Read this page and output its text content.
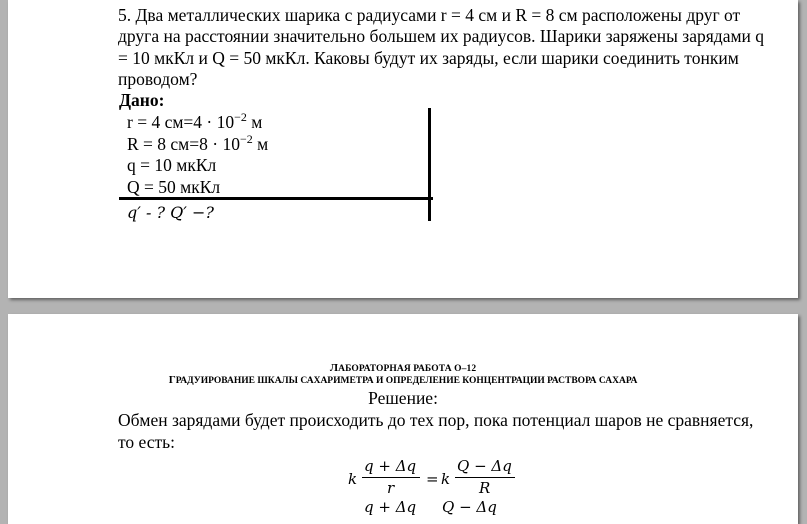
5. Два металлических шарика с радиусами r = 4 см и R = 8 см расположены друг от друга на расстоянии значительно большем их радиусов. Шарики заряжены зарядами q = 10 мкКл и Q = 50 мкКл. Каковы будут их заряды, если шарики соединить тонким проводом?

Дано:
r = 4 $см=4 \cdot 10^{-2}$ м
R = 8 $см=8 \cdot 10^{-2}$ м
q = 10 мкКл
Q = 50 мкКл
q′ - ? Q′ −?
ЛАБОРАТОРНАЯ РАБОТА О–12
ГРАДУИРОВАНИЕ ШКАЛЫ САХАРИМЕТРА И ОПРЕДЕЛЕНИЕ КОНЦЕНТРАЦИИ РАСТВОРА САХАРА
Решение:

Обмен зарядами будет происходить до тех пор, пока потенциал шаров не сравняется, то есть:

k
q + Δq
r = k
Q − Δq
R
q + Δq Q − Δq
